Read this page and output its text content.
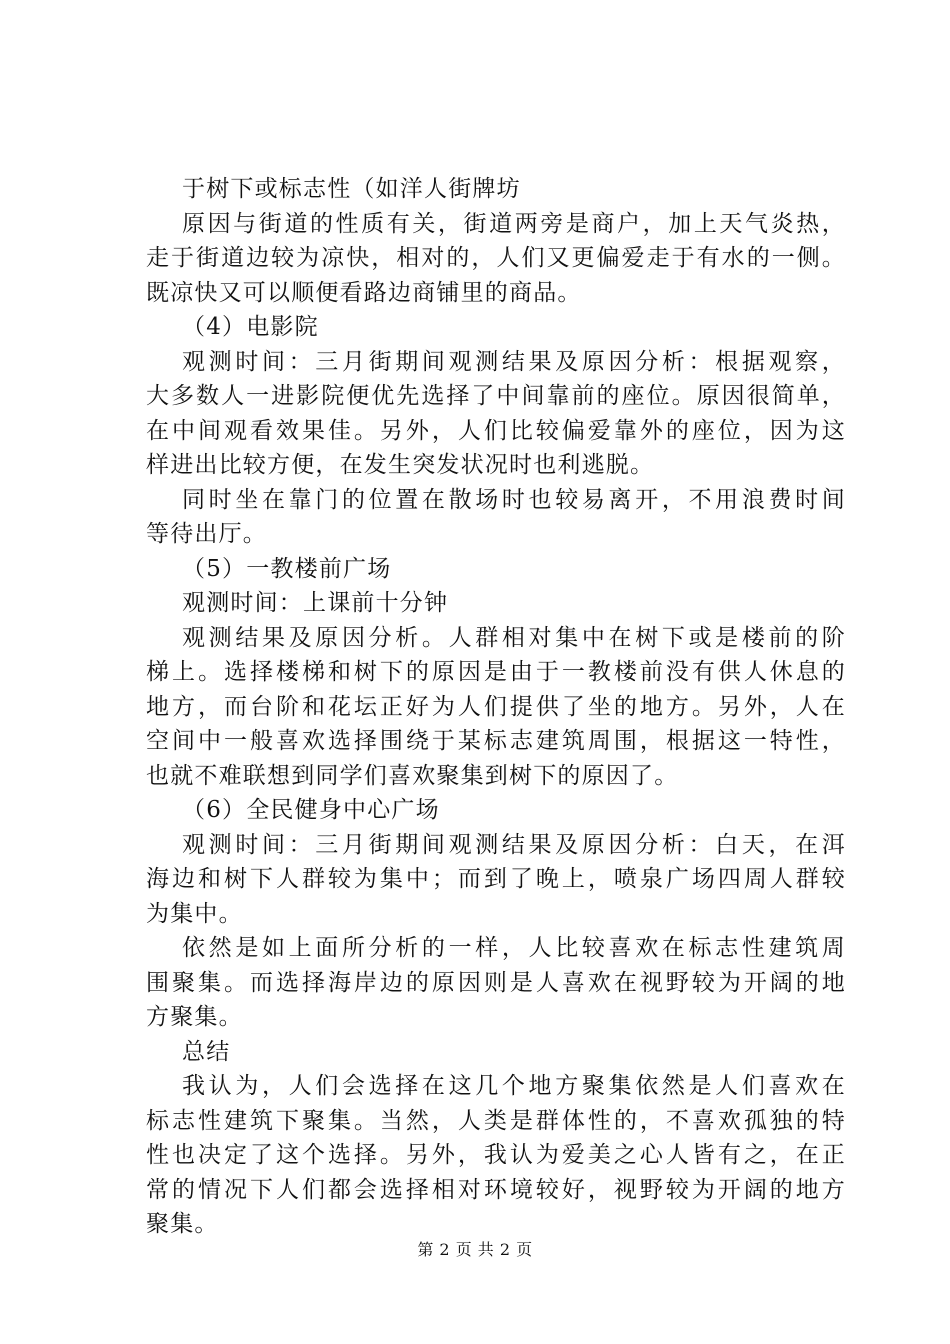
于树下或标志性（如洋人街牌坊
原因与街道的性质有关，街道两旁是商户，加上天气炎热，
走于街道边较为凉快，相对的，人们又更偏爱走于有水的一侧。
既凉快又可以顺便看路边商铺里的商品。
（4）电影院
观测时间：三月街期间观测结果及原因分析：根据观察，
大多数人一进影院便优先选择了中间靠前的座位。原因很简单，
在中间观看效果佳。另外，人们比较偏爱靠外的座位，因为这
样进出比较方便，在发生突发状况时也利逃脱。
同时坐在靠门的位置在散场时也较易离开，不用浪费时间
等待出厅。
（5）一教楼前广场
观测时间：上课前十分钟
观测结果及原因分析。人群相对集中在树下或是楼前的阶
梯上。选择楼梯和树下的原因是由于一教楼前没有供人休息的
地方，而台阶和花坛正好为人们提供了坐的地方。另外，人在
空间中一般喜欢选择围绕于某标志建筑周围，根据这一特性，
也就不难联想到同学们喜欢聚集到树下的原因了。
（6）全民健身中心广场
观测时间：三月街期间观测结果及原因分析：白天，在洱
海边和树下人群较为集中；而到了晚上，喷泉广场四周人群较
为集中。
依然是如上面所分析的一样，人比较喜欢在标志性建筑周
围聚集。而选择海岸边的原因则是人喜欢在视野较为开阔的地
方聚集。
总结
我认为，人们会选择在这几个地方聚集依然是人们喜欢在
标志性建筑下聚集。当然，人类是群体性的，不喜欢孤独的特
性也决定了这个选择。另外，我认为爱美之心人皆有之，在正
常的情况下人们都会选择相对环境较好，视野较为开阔的地方
聚集。
第 2 页 共 2 页
